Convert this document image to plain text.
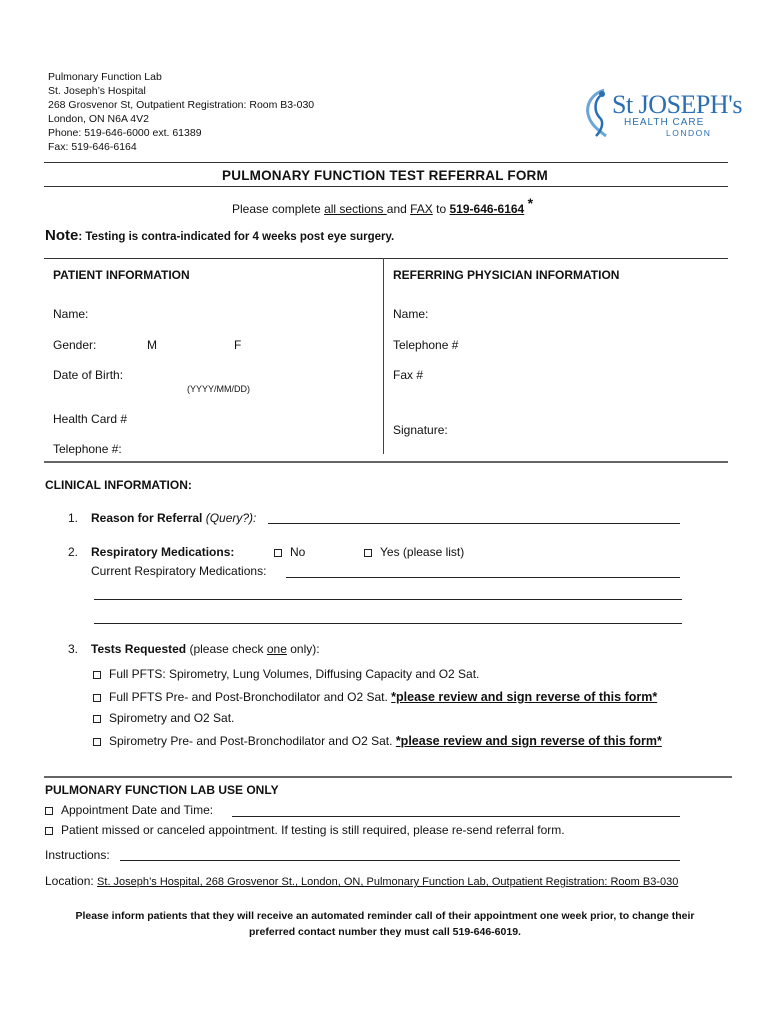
Pulmonary Function Lab
St. Joseph’s Hospital
268 Grosvenor St, Outpatient Registration: Room B3-030
London, ON N6A 4V2
Phone: 519-646-6000 ext. 61389
Fax: 519-646-6164
St JOSEPH's
HEALTH CARE
LONDON
PULMONARY FUNCTION TEST REFERRAL FORM
Please complete all sections and FAX to 519-646-6164 *
Note: Testing is contra-indicated for 4 weeks post eye surgery.
PATIENT INFORMATION
Name:
Gender:	M	F
Date of Birth:
(YYYY/MM/DD)
Health Card #
Telephone #:
REFERRING PHYSICIAN INFORMATION
Name:
Telephone #
Fax #
Signature:
CLINICAL INFORMATION:
1. Reason for Referral (Query?):
2. Respiratory Medications:	No	Yes (please list)
Current Respiratory Medications:
3. Tests Requested (please check one only):
Full PFTS: Spirometry, Lung Volumes, Diffusing Capacity and O2 Sat.
Full PFTS Pre- and Post-Bronchodilator and O2 Sat. *please review and sign reverse of this form*
Spirometry and O2 Sat.
Spirometry Pre- and Post-Bronchodilator and O2 Sat. *please review and sign reverse of this form*
PULMONARY FUNCTION LAB USE ONLY
Appointment Date and Time:
Patient missed or canceled appointment. If testing is still required, please re-send referral form.
Instructions:
Location: St. Joseph’s Hospital, 268 Grosvenor St., London, ON, Pulmonary Function Lab, Outpatient Registration: Room B3-030
Please inform patients that they will receive an automated reminder call of their appointment one week prior, to change their
preferred contact number they must call 519-646-6019.
